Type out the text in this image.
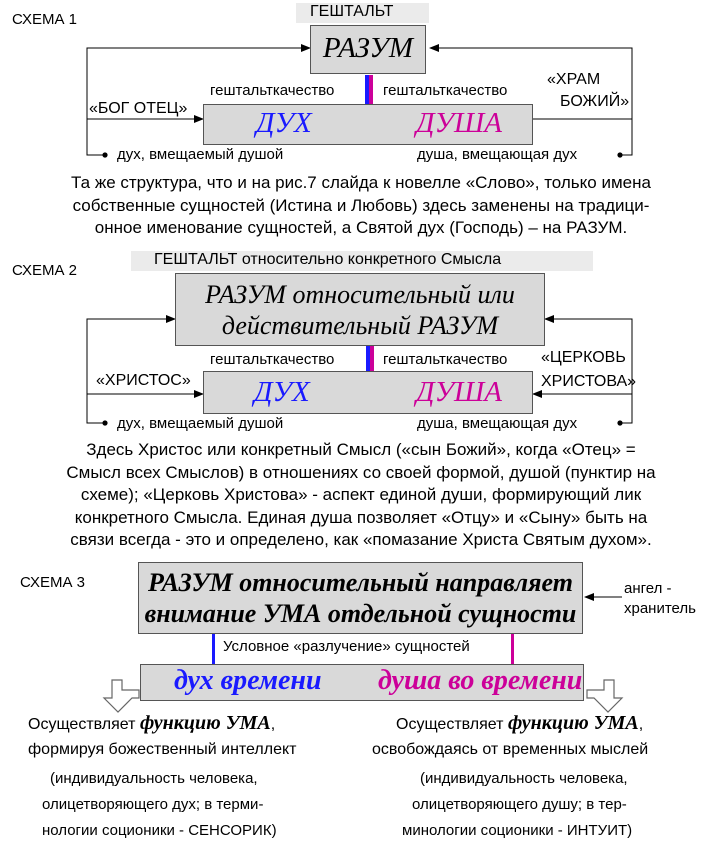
СХЕМА 1	ГЕШТАЛЬТ
РАЗУМ
гештальткачество	гештальткачество
«БОГ ОТЕЦ»
«ХРАМ
БОЖИЙ»
ДУХ	ДУША
дух, вмещаемый душой	душа, вмещающая дух
Та же структура, что и на рис.7 слайда к новелле «Слово», только имена
собственные сущностей (Истина и Любовь) здесь заменены на традици-
онное именование сущностей, а Святой дух (Господь) – на РАЗУМ.
СХЕМА 2
ГЕШТАЛЬТ относительно конкретного Смысла
РАЗУМ относительный или
действительный РАЗУМ
гештальткачество	гештальткачество
«ХРИСТОС»
«ЦЕРКОВЬ
ХРИСТОВА»
ДУХ	ДУША
дух, вмещаемый душой	душа, вмещающая дух
Здесь Христос или конкретный Смысл («сын Божий», когда «Отец» =
Смысл всех Смыслов) в отношениях со своей формой, душой (пунктир на
схеме); «Церковь Христова» - аспект единой души, формирующий лик
конкретного Смысла. Единая душа позволяет «Отцу» и «Сыну» быть на
связи всегда - это и определено, как «помазание Христа Святым духом».
СХЕМА 3	РАЗУМ относительный направляет
внимание УМА отдельной сущности
ангел -
хранитель
Условное «разлучение» сущностей
дух времени душа во времени
Осуществляет функцию УМА,
формируя божественный интеллект
(индивидуальность человека,
олицетворяющего дух; в терми-
нологии соционики - СЕНСОРИК)
Осуществляет функцию УМА,
освобождаясь от временных мыслей
(индивидуальность человека,
олицетворяющего душу; в тер-
минологии соционики - ИНТУИТ)
